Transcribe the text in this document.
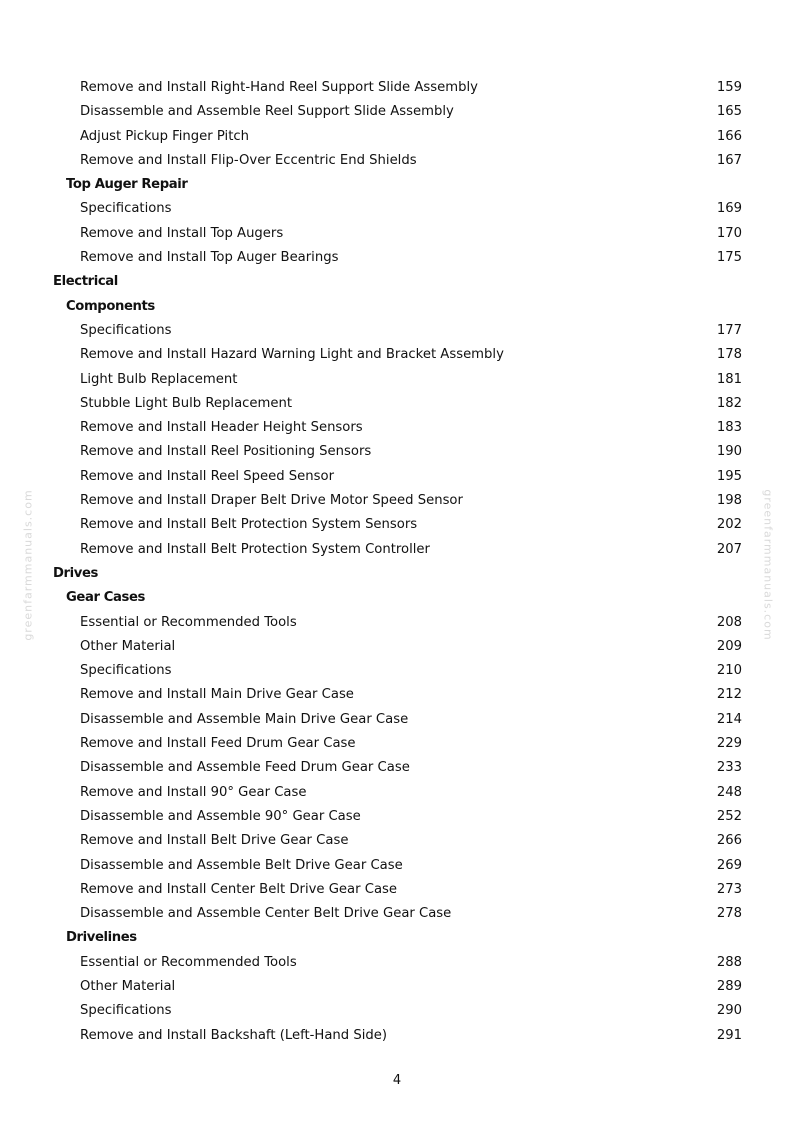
Remove and Install Right-Hand Reel Support Slide Assembly	159
Disassemble and Assemble Reel Support Slide Assembly	165
Adjust Pickup Finger Pitch	166
Remove and Install Flip-Over Eccentric End Shields	167
Top Auger Repair
Specifications	169
Remove and Install Top Augers	170
Remove and Install Top Auger Bearings	175
Electrical
Components
Specifications	177
Remove and Install Hazard Warning Light and Bracket Assembly	178
Light Bulb Replacement	181
Stubble Light Bulb Replacement	182
Remove and Install Header Height Sensors	183
Remove and Install Reel Positioning Sensors	190
Remove and Install Reel Speed Sensor	195
Remove and Install Draper Belt Drive Motor Speed Sensor	198
Remove and Install Belt Protection System Sensors	202
Remove and Install Belt Protection System Controller	207
Drives
Gear Cases
Essential or Recommended Tools	208
Other Material	209
Specifications	210
Remove and Install Main Drive Gear Case	212
Disassemble and Assemble Main Drive Gear Case	214
Remove and Install Feed Drum Gear Case	229
Disassemble and Assemble Feed Drum Gear Case	233
Remove and Install 90° Gear Case	248
Disassemble and Assemble 90° Gear Case	252
Remove and Install Belt Drive Gear Case	266
Disassemble and Assemble Belt Drive Gear Case	269
Remove and Install Center Belt Drive Gear Case	273
Disassemble and Assemble Center Belt Drive Gear Case	278
Drivelines
Essential or Recommended Tools	288
Other Material	289
Specifications	290
Remove and Install Backshaft (Left-Hand Side)	291
4
greenfarmmanuals.com	greenfarmmanuals.com
